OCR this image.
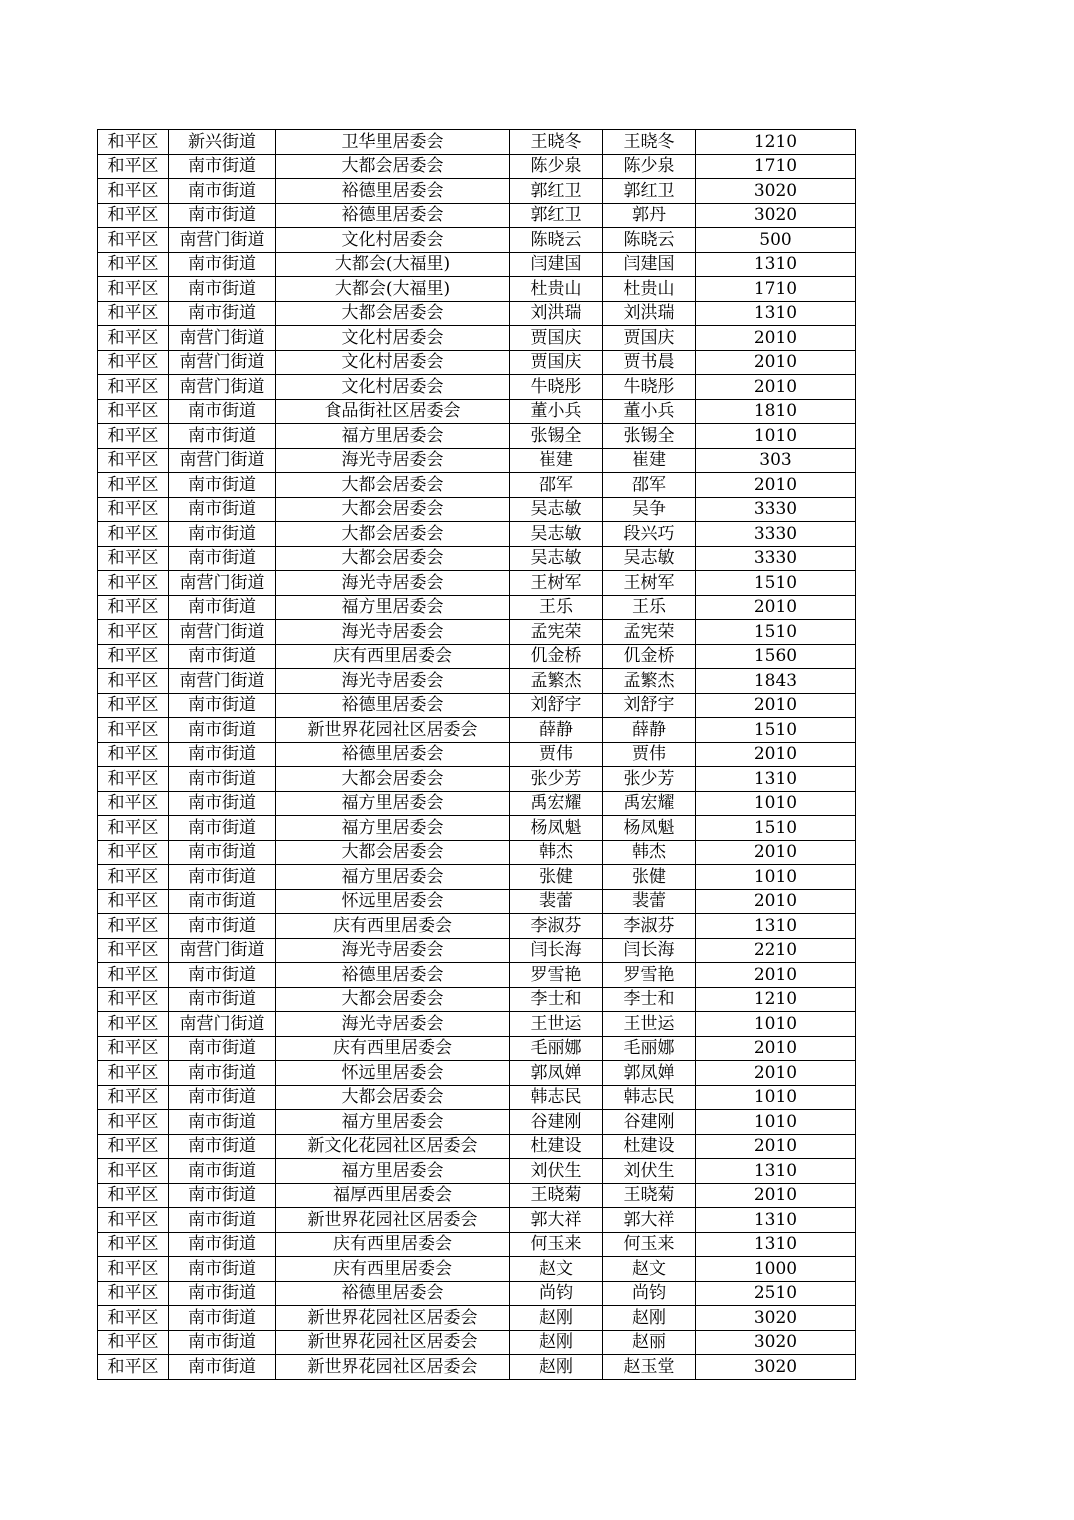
和平区	新兴街道	卫华里居委会	王晓冬	王晓冬	1210
和平区	南市街道	大都会居委会	陈少泉	陈少泉	1710
和平区	南市街道	裕德里居委会	郭红卫	郭红卫	3020
和平区	南市街道	裕德里居委会	郭红卫	郭丹	3020
和平区	南营门街道	文化村居委会	陈晓云	陈晓云	500
和平区	南市街道	大都会(大福里)	闫建国	闫建国	1310
和平区	南市街道	大都会(大福里)	杜贵山	杜贵山	1710
和平区	南市街道	大都会居委会	刘洪瑞	刘洪瑞	1310
和平区	南营门街道	文化村居委会	贾国庆	贾国庆	2010
和平区	南营门街道	文化村居委会	贾国庆	贾书晨	2010
和平区	南营门街道	文化村居委会	牛晓彤	牛晓彤	2010
和平区	南市街道	食品街社区居委会	董小兵	董小兵	1810
和平区	南市街道	福方里居委会	张锡全	张锡全	1010
和平区	南营门街道	海光寺居委会	崔建	崔建	303
和平区	南市街道	大都会居委会	邵军	邵军	2010
和平区	南市街道	大都会居委会	吴志敏	吴争	3330
和平区	南市街道	大都会居委会	吴志敏	段兴巧	3330
和平区	南市街道	大都会居委会	吴志敏	吴志敏	3330
和平区	南营门街道	海光寺居委会	王树军	王树军	1510
和平区	南市街道	福方里居委会	王乐	王乐	2010
和平区	南营门街道	海光寺居委会	孟宪荣	孟宪荣	1510
和平区	南市街道	庆有西里居委会	仉金桥	仉金桥	1560
和平区	南营门街道	海光寺居委会	孟繁杰	孟繁杰	1843
和平区	南市街道	裕德里居委会	刘舒宇	刘舒宇	2010
和平区	南市街道	新世界花园社区居委会	薛静	薛静	1510
和平区	南市街道	裕德里居委会	贾伟	贾伟	2010
和平区	南市街道	大都会居委会	张少芳	张少芳	1310
和平区	南市街道	福方里居委会	禹宏耀	禹宏耀	1010
和平区	南市街道	福方里居委会	杨凤魁	杨凤魁	1510
和平区	南市街道	大都会居委会	韩杰	韩杰	2010
和平区	南市街道	福方里居委会	张健	张健	1010
和平区	南市街道	怀远里居委会	裴蕾	裴蕾	2010
和平区	南市街道	庆有西里居委会	李淑芬	李淑芬	1310
和平区	南营门街道	海光寺居委会	闫长海	闫长海	2210
和平区	南市街道	裕德里居委会	罗雪艳	罗雪艳	2010
和平区	南市街道	大都会居委会	李士和	李士和	1210
和平区	南营门街道	海光寺居委会	王世运	王世运	1010
和平区	南市街道	庆有西里居委会	毛丽娜	毛丽娜	2010
和平区	南市街道	怀远里居委会	郭凤婵	郭凤婵	2010
和平区	南市街道	大都会居委会	韩志民	韩志民	1010
和平区	南市街道	福方里居委会	谷建刚	谷建刚	1010
和平区	南市街道	新文化花园社区居委会	杜建设	杜建设	2010
和平区	南市街道	福方里居委会	刘伏生	刘伏生	1310
和平区	南市街道	福厚西里居委会	王晓菊	王晓菊	2010
和平区	南市街道	新世界花园社区居委会	郭大祥	郭大祥	1310
和平区	南市街道	庆有西里居委会	何玉来	何玉来	1310
和平区	南市街道	庆有西里居委会	赵文	赵文	1000
和平区	南市街道	裕德里居委会	尚钧	尚钧	2510
和平区	南市街道	新世界花园社区居委会	赵刚	赵刚	3020
和平区	南市街道	新世界花园社区居委会	赵刚	赵丽	3020
和平区	南市街道	新世界花园社区居委会	赵刚	赵玉堂	3020
